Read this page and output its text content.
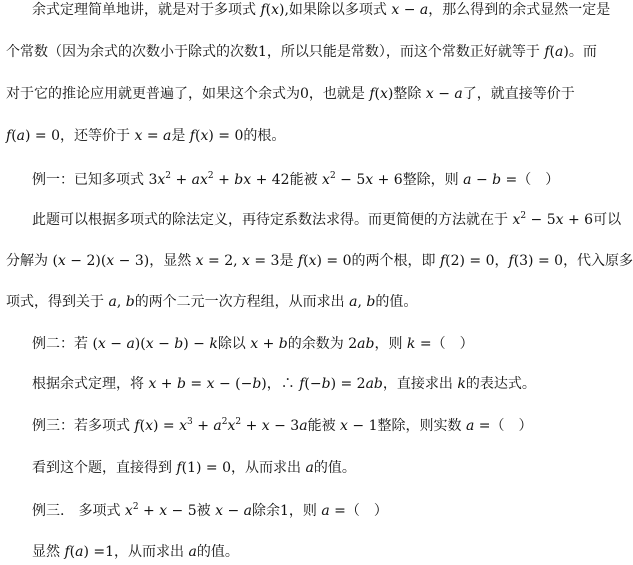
余式定理简单地讲，就是对于多项式 f(x),如果除以多项式 x − a，那么得到的余式显然一定是
个常数（因为余式的次数小于除式的次数1，所以只能是常数），而这个常数正好就等于 f(a)。而
对于它的推论应用就更普遍了，如果这个余式为0，也就是 f(x)整除 x − a了，就直接等价于
f(a) = 0，还等价于 x = a是 f(x) = 0的根。
例一：已知多项式 $3x^2 + ax^2$ + bx + 42能被 $x^2 - 5x + 6$整除，则 a − b =（　）
此题可以根据多项式的除法定义，再待定系数法求得。而更简便的方法就在于 $x^2 - 5x + 6$可以
分解为 (x − 2)(x − 3)，显然 x = 2, x = 3是 f(x) = 0的两个根，即 f(2) = 0，f(3) = 0，代入原多
项式，得到关于 a, b的两个二元一次方程组，从而求出 a, b的值。
例二：若 (x − a)(x − b) − k除以 x + b的余数为 2ab，则 k =（　）
根据余式定理，将 x + b = x − (−b)，∴ f(−b) = 2ab，直接求出 k的表达式。
例三：若多项式 $f(x) = x^3 + a^2x^2 + x - 3a$能被 x − 1整除，则实数 a =（　）
看到这个题，直接得到 f(1) = 0，从而求出 a的值。
例三.　多项式 $x^2 + x - 5$被 x − a除余1，则 a =（　）
显然 f(a) =1，从而求出 a的值。
